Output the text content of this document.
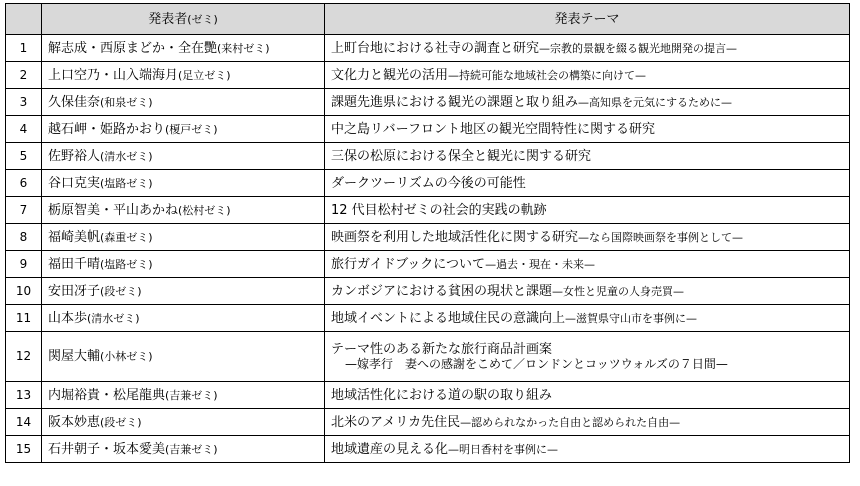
	発表者(ゼミ)	発表テーマ
1	解志成・西原まどか・全在艷(来村ゼミ)	上町台地における社寺の調査と研究—宗教的景観を綴る観光地開発の提言—
2	上口空乃・山入端海月(足立ゼミ)	文化力と観光の活用—持続可能な地域社会の構築に向けて—
3	久保佳奈(和泉ゼミ)	課題先進県における観光の課題と取り組み—高知県を元気にするために—
4	越石岬・姫路かおり(榎戸ゼミ)	中之島リバーフロント地区の観光空間特性に関する研究
5	佐野裕人(清水ゼミ)	三保の松原における保全と観光に関する研究
6	谷口克実(塩路ゼミ)	ダークツーリズムの今後の可能性
7	栃原智美・平山あかね(松村ゼミ)	12 代目松村ゼミの社会的実践の軌跡
8	福崎美帆(森重ゼミ)	映画祭を利用した地域活性化に関する研究—なら国際映画祭を事例として—
9	福田千晴(塩路ゼミ)	旅行ガイドブックについて—過去・現在・未来—
10	安田冴子(段ゼミ)	カンボジアにおける貧困の現状と課題—女性と児童の人身売買—
11	山本歩(清水ゼミ)	地域イベントによる地域住民の意識向上—滋賀県守山市を事例に—
12	関屋大輔(小林ゼミ)	テーマ性のある新たな旅行商品計画案
—嫁孝行　妻への感謝をこめて／ロンドンとコッツウォルズの７日間—

13	内堀裕貴・松尾龍典(吉兼ゼミ)	地域活性化における道の駅の取り組み
14	阪本妙恵(段ゼミ)	北米のアメリカ先住民—認められなかった自由と認められた自由—
15	石井朝子・坂本愛美(吉兼ゼミ)	地域遺産の見える化—明日香村を事例に—
